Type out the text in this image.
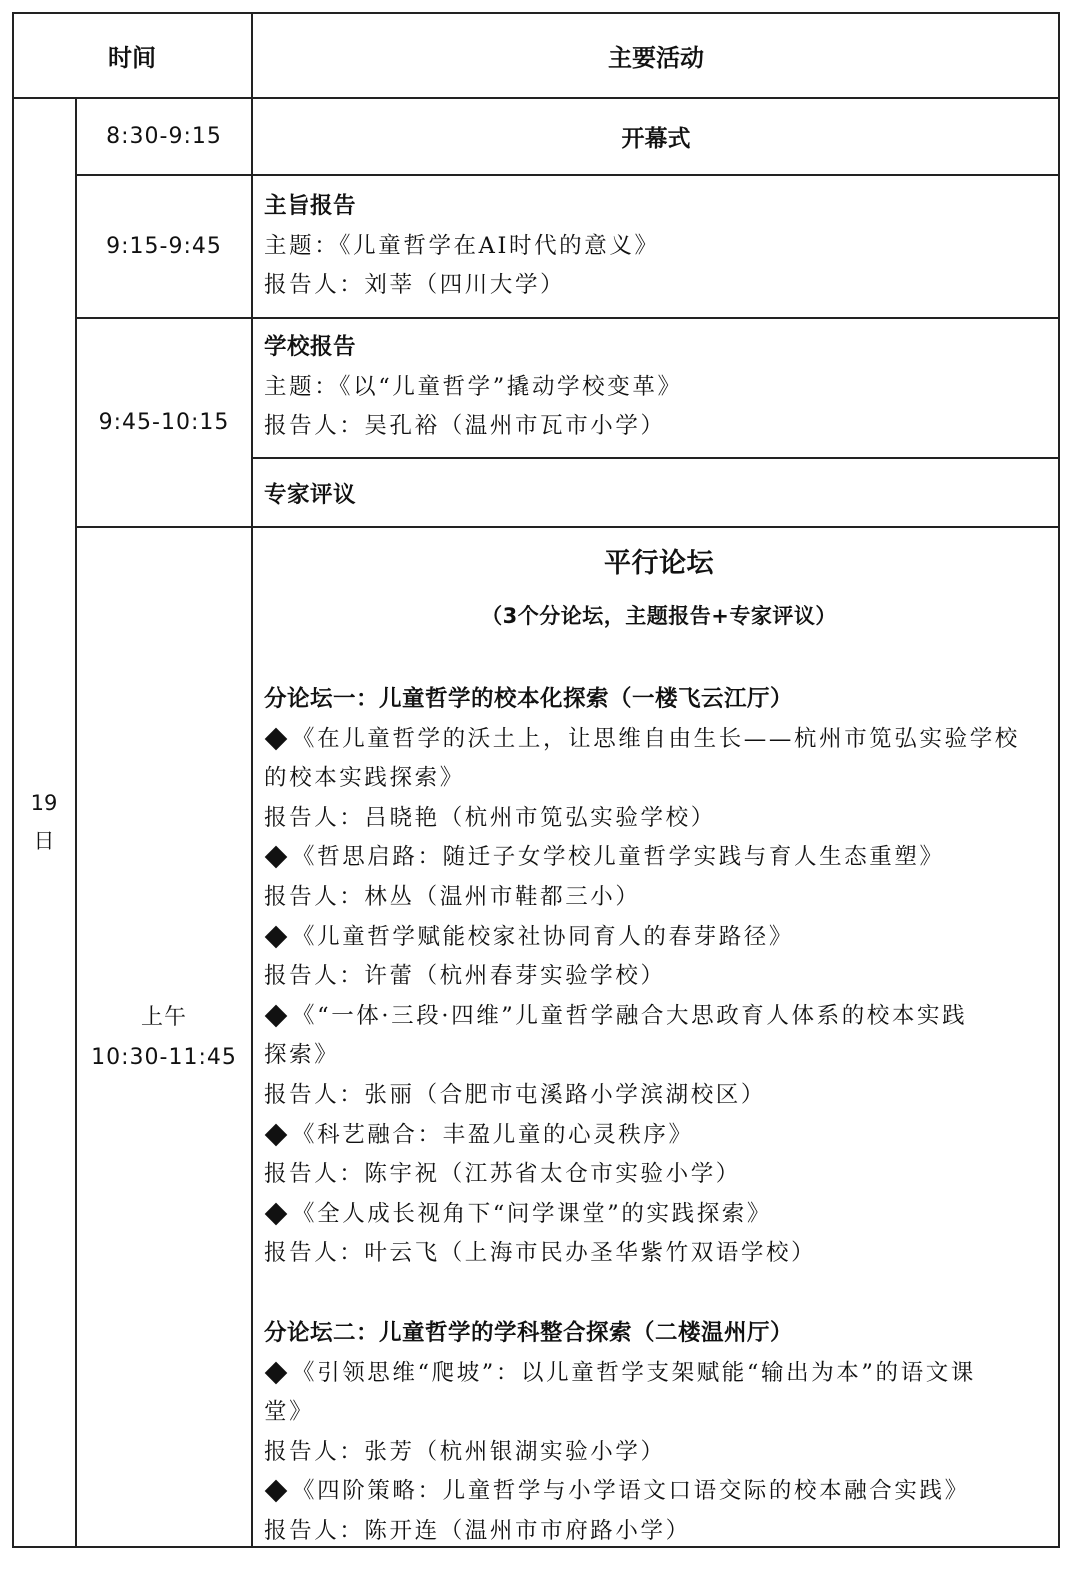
时间	主要活动
19
日
8:30-9:15
9:15-9:45
9:45-10:15
上午
10:30-11:45
开幕式
主旨报告
主题：《儿童哲学在AI时代的意义》
报告人：刘莘（四川大学）
学校报告
主题：《以“儿童哲学”撬动学校变革》
报告人：吴孔裕（温州市瓦市小学）
专家评议
平行论坛
（3个分论坛，主题报告+专家评议）
分论坛一：儿童哲学的校本化探索（一楼飞云江厅）
《在儿童哲学的沃土上，让思维自由生长——杭州市笕弘实验学校
的校本实践探索》
报告人：吕晓艳（杭州市笕弘实验学校）
《哲思启路：随迁子女学校儿童哲学实践与育人生态重塑》
报告人：林丛（温州市鞋都三小）
《儿童哲学赋能校家社协同育人的春芽路径》
报告人：许蕾（杭州春芽实验学校）
《“一体·三段·四维”儿童哲学融合大思政育人体系的校本实践
探索》
报告人：张丽（合肥市屯溪路小学滨湖校区）
《科艺融合：丰盈儿童的心灵秩序》
报告人：陈宇祝（江苏省太仓市实验小学）
《全人成长视角下“问学课堂”的实践探索》
报告人：叶云飞（上海市民办圣华紫竹双语学校）
分论坛二：儿童哲学的学科整合探索（二楼温州厅）
《引领思维“爬坡”：以儿童哲学支架赋能“输出为本”的语文课
堂》
报告人：张芳（杭州银湖实验小学）
《四阶策略：儿童哲学与小学语文口语交际的校本融合实践》
报告人：陈开连（温州市市府路小学）
